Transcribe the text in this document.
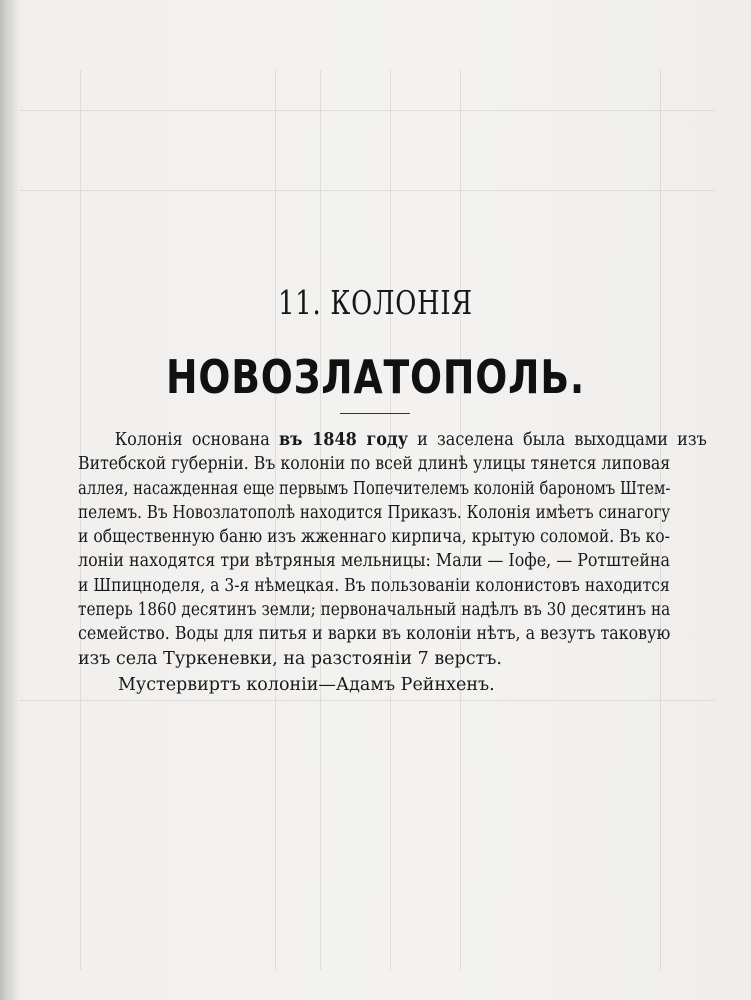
11. КОЛОНІЯ
НОВОЗЛАТОПОЛЬ.
Колонія основана въ 1848 году и заселена была выходцами изъ
Витебской губерніи. Въ колоніи по всей длинѣ улицы тянется липовая
аллея, насажденная еще первымъ Попечителемъ колоній барономъ Штем-
пелемъ. Въ Новозлатополѣ находится Приказъ. Колонія имѣетъ синагогу
и общественную баню изъ жженнаго кирпича, крытую соломой. Въ ко-
лоніи находятся три вѣтряныя мельницы: Мали — Іофе, — Ротштейна
и Шпицноделя, а 3-я нѣмецкая. Въ пользованіи колонистовъ находится
теперь 1860 десятинъ земли; первоначальный надѣлъ въ 30 десятинъ на
семейство. Воды для питья и варки въ колоніи нѣтъ, а везутъ таковую
изъ села Туркеневки, на разстояніи 7 верстъ.
Мустервиртъ колоніи—Адамъ Рейнхенъ.
